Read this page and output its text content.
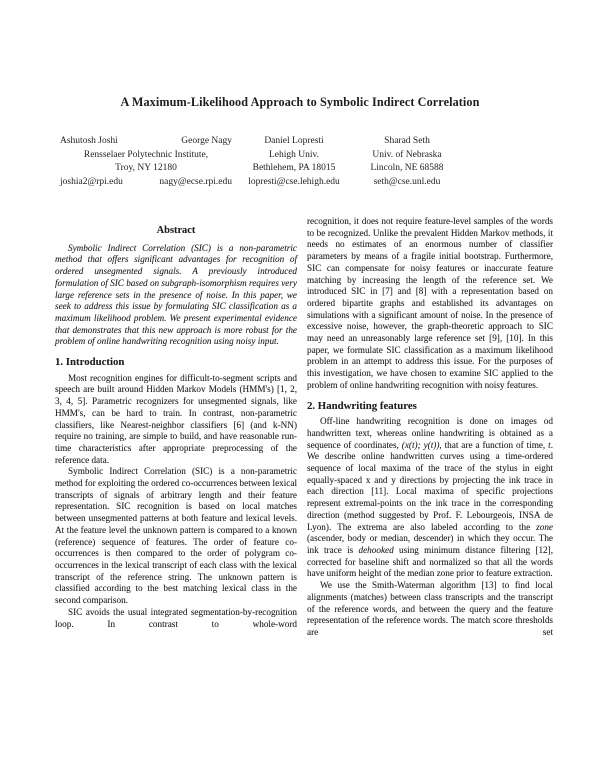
A Maximum-Likelihood Approach to Symbolic Indirect Correlation
Ashutosh Joshi	George Nagy
Rensselaer Polytechnic Institute,
Troy, NY 12180
joshia2@rpi.edu	nagy@ecse.rpi.edu
Daniel Lopresti
Lehigh Univ.
Bethlehem, PA 18015
lopresti@cse.lehigh.edu
Sharad Seth
Univ. of Nebraska
Lincoln, NE 68588
seth@cse.unl.edu
Abstract

Symbolic Indirect Correlation (SIC) is a non-parametric method that offers significant advantages for recognition of ordered unsegmented signals. A previously introduced formulation of SIC based on subgraph-isomorphism requires very large reference sets in the presence of noise. In this paper, we seek to address this issue by formulating SIC classification as a maximum likelihood problem. We present experimental evidence that demonstrates that this new approach is more robust for the problem of online handwriting recognition using noisy input.

1. Introduction

Most recognition engines for difficult-to-segment scripts and speech are built around Hidden Markov Models (HMM's) [1, 2, 3, 4, 5]. Parametric recognizers for unsegmented signals, like HMM's, can be hard to train. In contrast, non-parametric classifiers, like Nearest-neighbor classifiers [6] (and k-NN) require no training, are simple to build, and have reasonable run-time characteristics after appropriate preprocessing of the reference data.

Symbolic Indirect Correlation (SIC) is a non-parametric method for exploiting the ordered co-occurrences between lexical transcripts of signals of arbitrary length and their feature representation. SIC recognition is based on local matches between unsegmented patterns at both feature and lexical levels. At the feature level the unknown pattern is compared to a known (reference) sequence of features. The order of feature co-occurrences is then compared to the order of polygram co-occurrences in the lexical transcript of each class with the lexical transcript of the reference string. The unknown pattern is classified according to the best matching lexical class in the second comparison.

SIC avoids the usual integrated segmentation-by-recognition loop. In contrast to whole-word

recognition, it does not require feature-level samples of the words to be recognized. Unlike the prevalent Hidden Markov methods, it needs no estimates of an enormous number of classifier parameters by means of a fragile initial bootstrap. Furthermore, SIC can compensate for noisy features or inaccurate feature matching by increasing the length of the reference set. We introduced SIC in [7] and [8] with a representation based on ordered bipartite graphs and established its advantages on simulations with a significant amount of noise. In the presence of excessive noise, however, the graph-theoretic approach to SIC may need an unreasonably large reference set [9], [10]. In this paper, we formulate SIC classification as a maximum likelihood problem in an attempt to address this issue. For the purposes of this investigation, we have chosen to examine SIC applied to the problem of online handwriting recognition with noisy features.

2. Handwriting features

Off-line handwriting recognition is done on images od handwritten text, whereas online handwriting is obtained as a sequence of coordinates, (x(t); y(t)), that are a function of time, t. We describe online handwritten curves using a time-ordered sequence of local maxima of the trace of the stylus in eight equally-spaced x and y directions by projecting the ink trace in each direction [11]. Local maxima of specific projections represent extremal-points on the ink trace in the corresponding direction (method suggested by Prof. F. Lebourgeois, INSA de Lyon). The extrema are also labeled according to the zone (ascender, body or median, descender) in which they occur. The ink trace is dehooked using minimum distance filtering [12], corrected for baseline shift and normalized so that all the words have uniform height of the median zone prior to feature extraction.

We use the Smith-Waterman algorithm [13] to find local alignments (matches) between class transcripts and the transcript of the reference words, and between the query and the feature representation of the reference words. The match score thresholds are set
